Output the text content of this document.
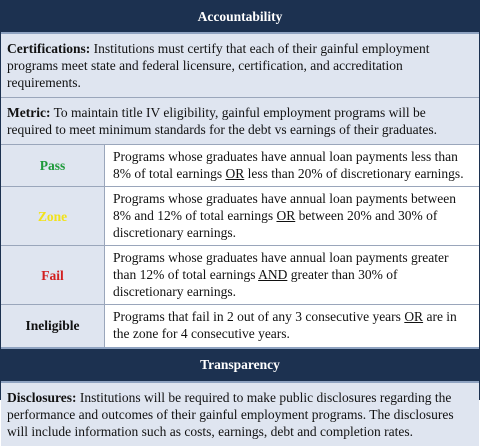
Accountability
Certifications: Institutions must certify that each of their gainful employment programs meet state and federal licensure, certification, and accreditation requirements.
Metric: To maintain title IV eligibility, gainful employment programs will be required to meet minimum standards for the debt vs earnings of their graduates.
Pass	Programs whose graduates have annual loan payments less than 8% of total earnings OR less than 20% of discretionary earnings.
Zone	Programs whose graduates have annual loan payments between 8% and 12% of total earnings OR between 20% and 30% of discretionary earnings.
Fail	Programs whose graduates have annual loan payments greater than 12% of total earnings AND greater than 30% of discretionary earnings.
Ineligible	Programs that fail in 2 out of any 3 consecutive years OR are in the zone for 4 consecutive years.
Transparency
Disclosures: Institutions will be required to make public disclosures regarding the performance and outcomes of their gainful employment programs. The disclosures will include information such as costs, earnings, debt and completion rates.
